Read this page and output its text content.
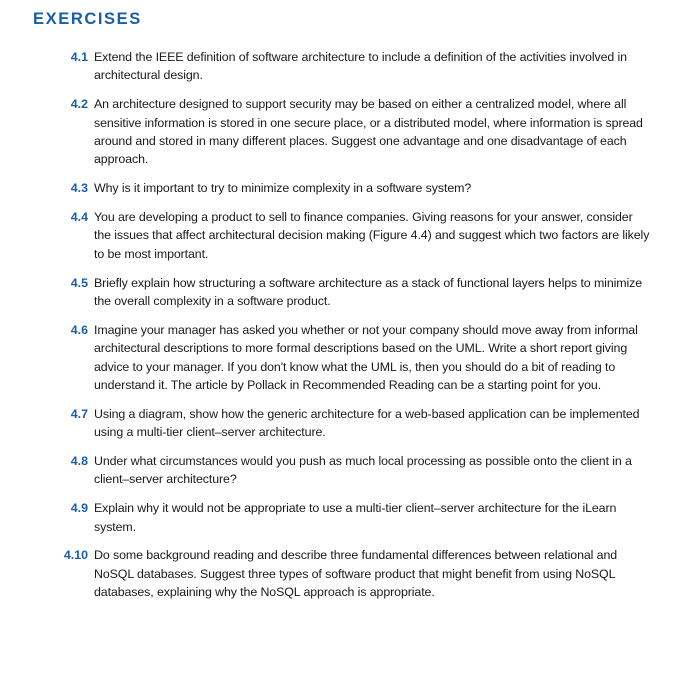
EXERCISES
4.1 Extend the IEEE definition of software architecture to include a definition of the activities involved in architectural design.

4.2 An architecture designed to support security may be based on either a centralized model, where all sensitive information is stored in one secure place, or a distributed model, where information is spread around and stored in many different places. Suggest one advantage and one disadvantage of each approach.

4.3 Why is it important to try to minimize complexity in a software system?

4.4 You are developing a product to sell to finance companies. Giving reasons for your answer, consider the issues that affect architectural decision making (Figure 4.4) and suggest which two factors are likely to be most important.

4.5 Briefly explain how structuring a software architecture as a stack of functional layers helps to minimize the overall complexity in a software product.

4.6 Imagine your manager has asked you whether or not your company should move away from informal architectural descriptions to more formal descriptions based on the UML. Write a short report giving advice to your manager. If you don't know what the UML is, then you should do a bit of reading to understand it. The article by Pollack in Recommended Reading can be a starting point for you.

4.7 Using a diagram, show how the generic architecture for a web-based application can be implemented using a multi-tier client–server architecture.

4.8 Under what circumstances would you push as much local processing as possible onto the client in a client–server architecture?

4.9 Explain why it would not be appropriate to use a multi-tier client–server architecture for the iLearn system.

4.10 Do some background reading and describe three fundamental differences between relational and NoSQL databases. Suggest three types of software product that might benefit from using NoSQL databases, explaining why the NoSQL approach is appropriate.
